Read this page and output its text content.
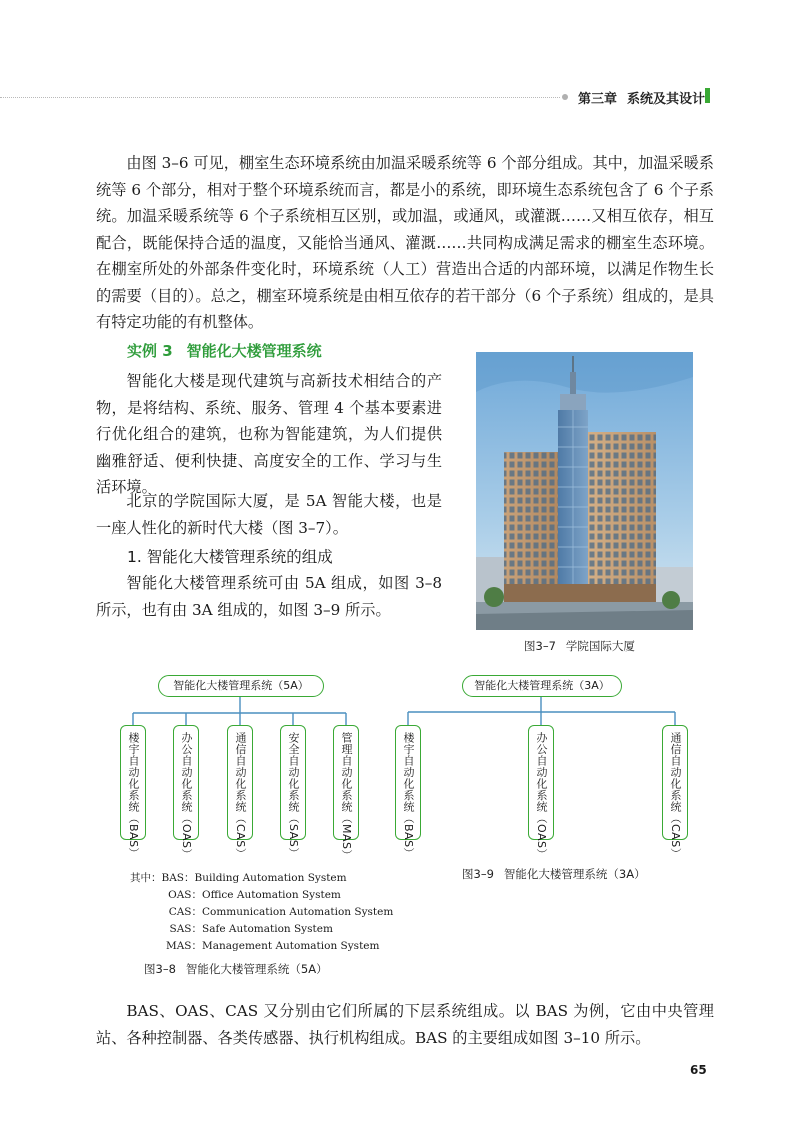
第三章 系统及其设计

由图 3–6 可见，棚室生态环境系统由加温采暖系统等 6 个部分组成。其中，加温采暖系统等 6 个部分，相对于整个环境系统而言，都是小的系统，即环境生态系统包含了 6 个子系统。加温采暖系统等 6 个子系统相互区别，或加温，或通风，或灌溉……又相互依存，相互配合，既能保持合适的温度，又能恰当通风、灌溉……共同构成满足需求的棚室生态环境。在棚室所处的外部条件变化时，环境系统（人工）营造出合适的内部环境，以满足作物生长的需要（目的）。总之，棚室环境系统是由相互依存的若干部分（6 个子系统）组成的，是具有特定功能的有机整体。

实例 3 智能化大楼管理系统

智能化大楼是现代建筑与高新技术相结合的产物，是将结构、系统、服务、管理 4 个基本要素进行优化组合的建筑，也称为智能建筑，为人们提供幽雅舒适、便利快捷、高度安全的工作、学习与生活环境。

北京的学院国际大厦，是 5A 智能大楼，也是一座人性化的新时代大楼（图 3–7）。

1. 智能化大楼管理系统的组成

智能化大楼管理系统可由 5A 组成，如图 3–8 所示，也有由 3A 组成的，如图 3–9 所示。

图3–7 学院国际大厦
智能化大楼管理系统（5A）
楼宇自动化系统（BAS）	办公自动化系统（OAS）	通信自动化系统（CAS）	安全自动化系统（SAS）	管理自动化系统（MAS）
其中：BAS：Building Automation System
OAS：Office Automation System
CAS：Communication Automation System
SAS：Safe Automation System
MAS：Management Automation System
图3–8 智能化大楼管理系统（5A）
智能化大楼管理系统（3A）
楼宇自动化系统（BAS）	办公自动化系统（OAS）	通信自动化系统（CAS）
图3–9 智能化大楼管理系统（3A）

BAS、OAS、CAS 又分别由它们所属的下层系统组成。以 BAS 为例，它由中央管理站、各种控制器、各类传感器、执行机构组成。BAS 的主要组成如图 3–10 所示。

65
